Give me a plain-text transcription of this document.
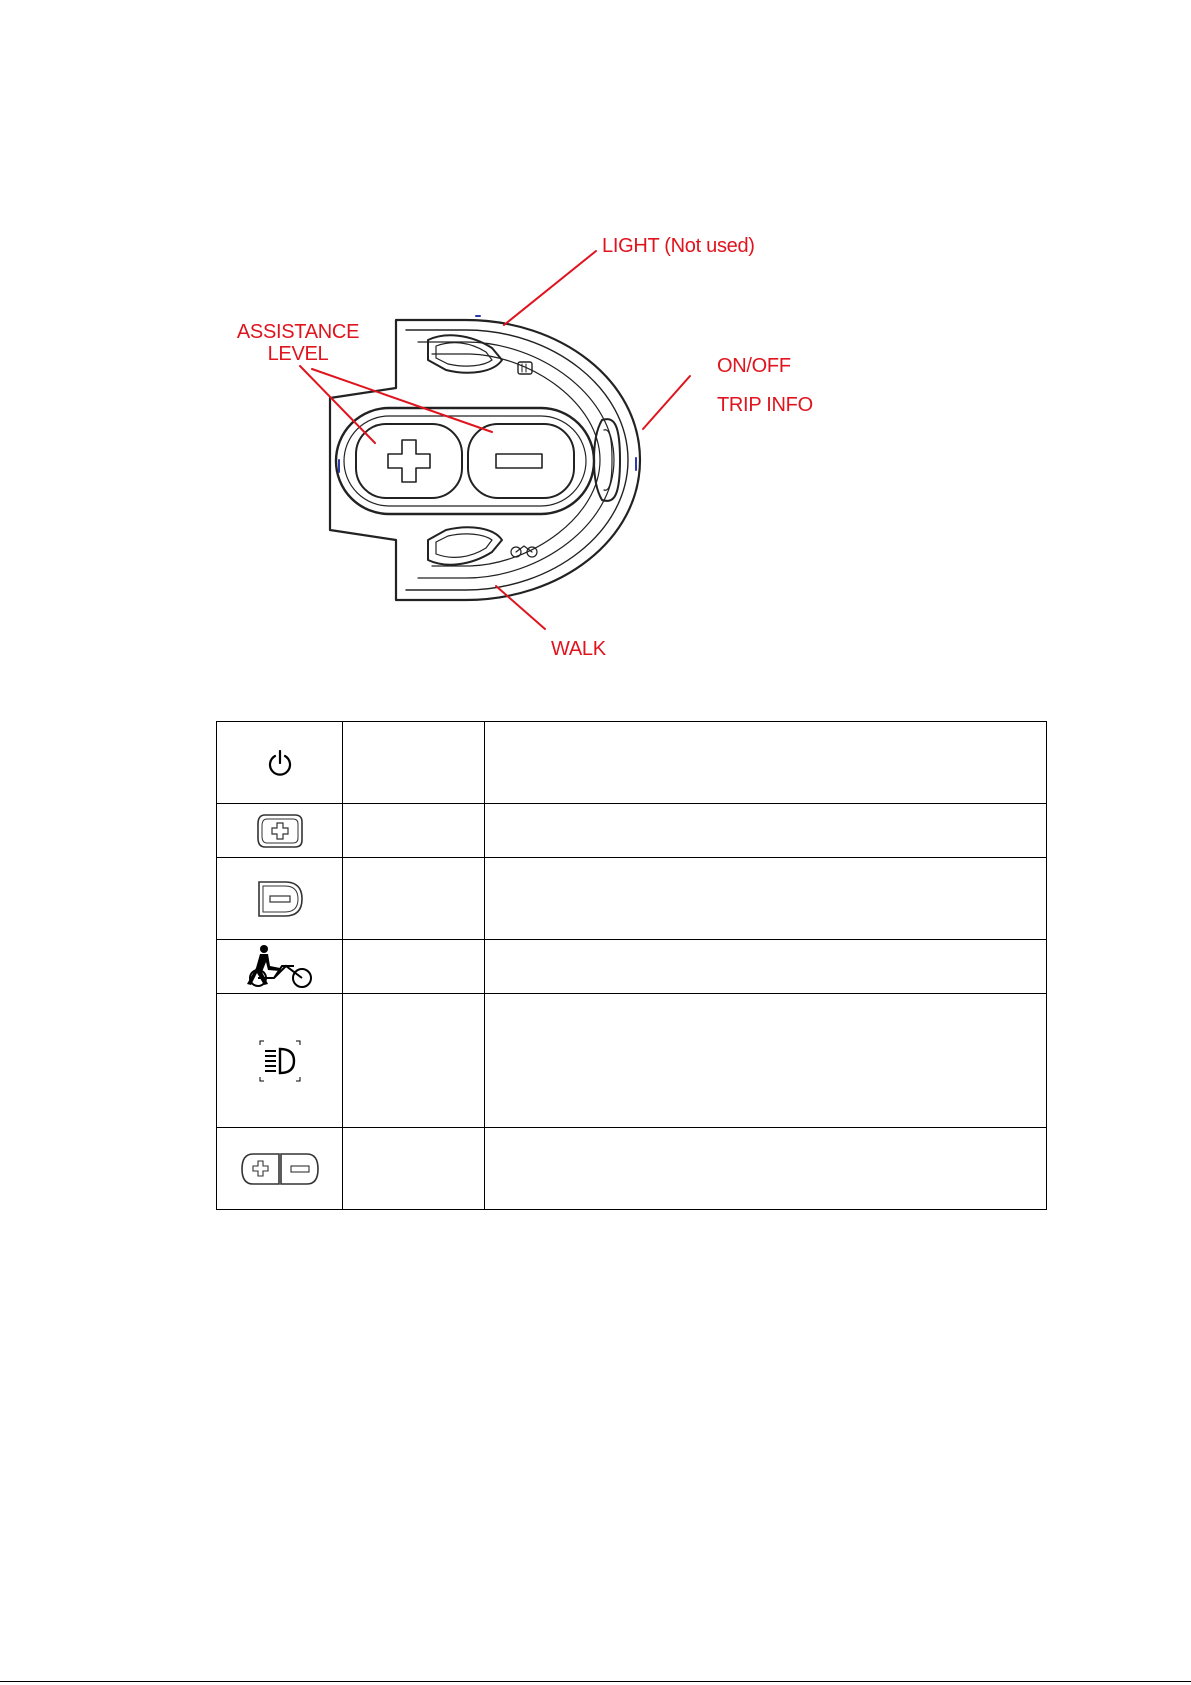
LIGHT (Not used)
ASSISTANCE LEVEL
ON/OFF
TRIP INFO
WALK
